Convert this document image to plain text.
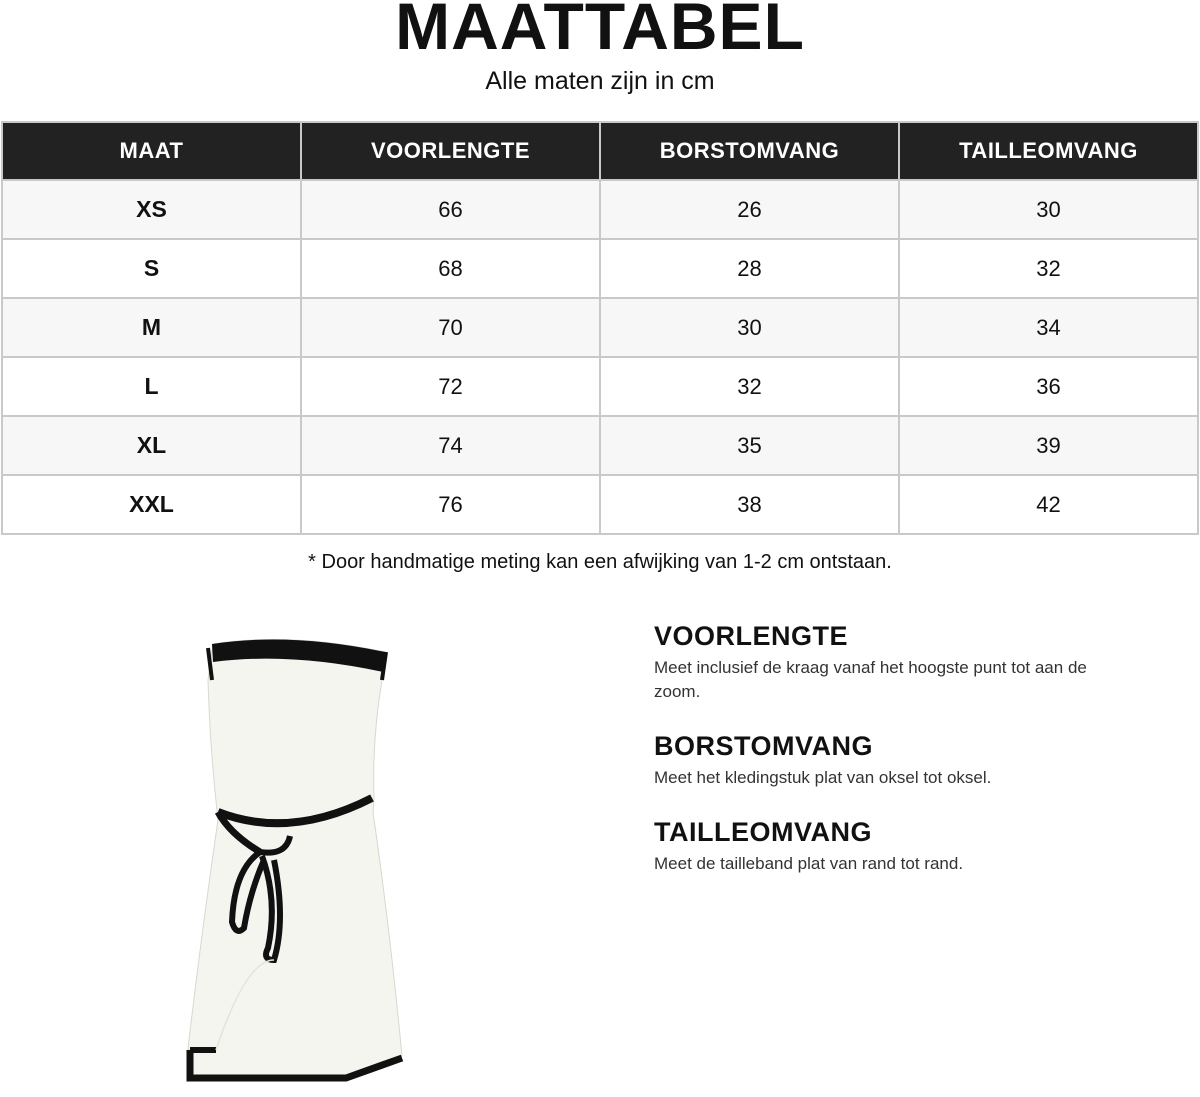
MAATTABEL
Alle maten zijn in cm
MAAT	VOORLENGTE	BORSTOMVANG	TAILLEOMVANG
XS	66	26	30
S	68	28	32
M	70	30	34
L	72	32	36
XL	74	35	39
XXL	76	38	42
* Door handmatige meting kan een afwijking van 1-2 cm ontstaan.
VOORLENGTE
Meet inclusief de kraag vanaf het hoogste punt tot aan de zoom.
BORSTOMVANG
Meet het kledingstuk plat van oksel tot oksel.
TAILLEOMVANG
Meet de tailleband plat van rand tot rand.
